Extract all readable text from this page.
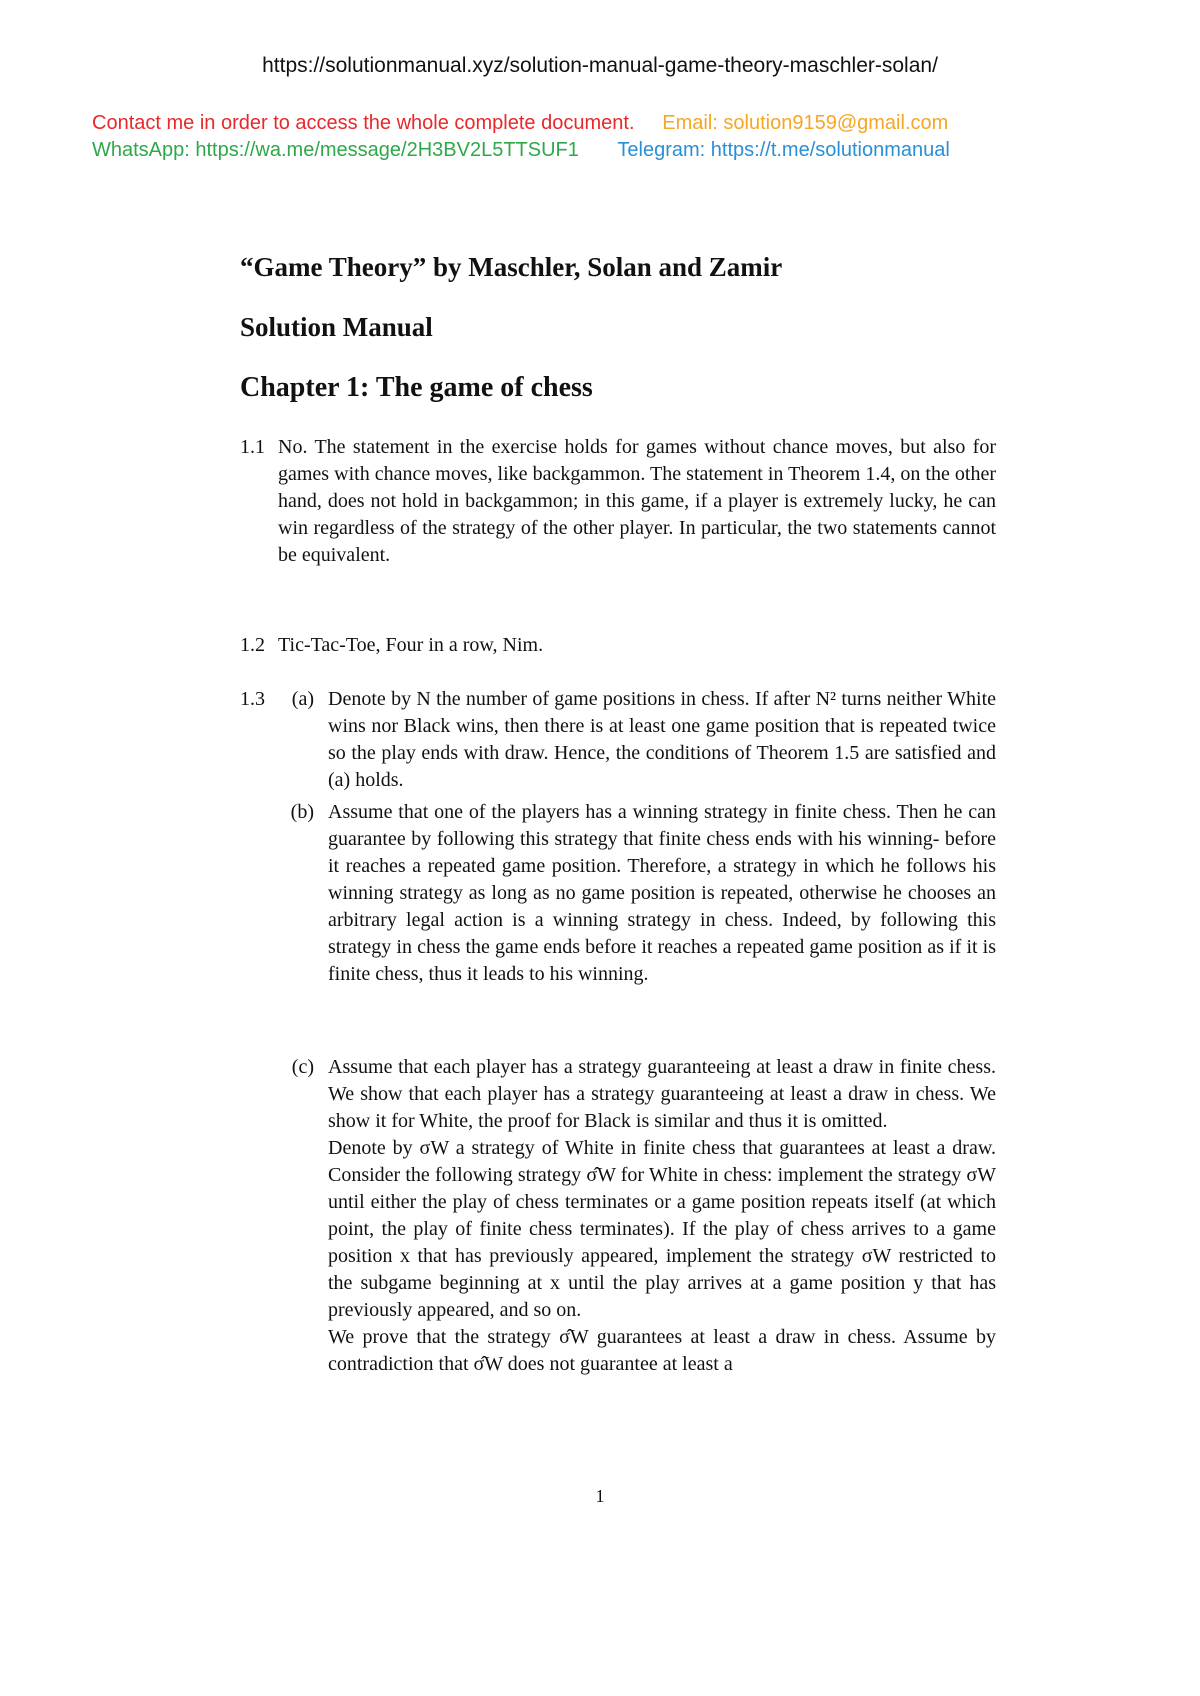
https://solutionmanual.xyz/solution-manual-game-theory-maschler-solan/
Contact me in order to access the whole complete document. Email: solution9159@gmail.com
WhatsApp: https://wa.me/message/2H3BV2L5TTSUF1 Telegram: https://t.me/solutionmanual
“Game Theory” by Maschler, Solan and Zamir
Solution Manual
Chapter 1: The game of chess
1.1 No. The statement in the exercise holds for games without chance moves, but also for games with chance moves, like backgammon. The statement in Theorem 1.4, on the other hand, does not hold in backgammon; in this game, if a player is extremely lucky, he can win regardless of the strategy of the other player. In particular, the two statements cannot be equivalent.
1.2 Tic-Tac-Toe, Four in a row, Nim.
1.3	(a) Denote by N the number of game positions in chess. If after N² turns neither White wins nor Black wins, then there is at least one game position that is repeated twice so the play ends with draw. Hence, the conditions of Theorem 1.5 are satisfied and (a) holds.

(b) Assume that one of the players has a winning strategy in finite chess. Then he can guarantee by following this strategy that finite chess ends with his winning- before it reaches a repeated game position. Therefore, a strategy in which he follows his winning strategy as long as no game position is repeated, otherwise he chooses an arbitrary legal action is a winning strategy in chess. Indeed, by following this strategy in chess the game ends before it reaches a repeated game position as if it is finite chess, thus it leads to his winning.

(c) Assume that each player has a strategy guaranteeing at least a draw in finite chess. We show that each player has a strategy guaranteeing at least a draw in chess. We show it for White, the proof for Black is similar and thus it is omitted.

Denote by σW a strategy of White in finite chess that guarantees at least a draw. Consider the following strategy σ̂W for White in chess: implement the strategy σW until either the play of chess terminates or a game position repeats itself (at which point, the play of finite chess terminates). If the play of chess arrives to a game position x that has previously appeared, implement the strategy σW restricted to the subgame beginning at x until the play arrives at a game position y that has previously appeared, and so on.

We prove that the strategy σ̂W guarantees at least a draw in chess. Assume by contradiction that σ̂W does not guarantee at least a

1
